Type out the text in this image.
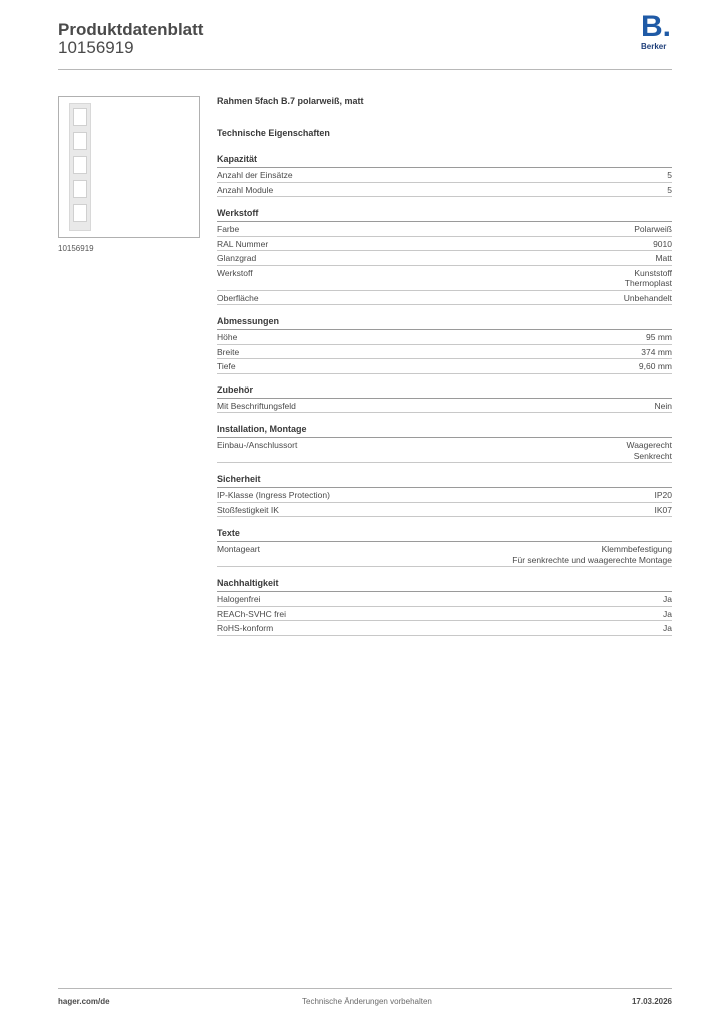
Produktdatenblatt
10156919
B.
Berker
10156919
Rahmen 5fach B.7 polarweiß, matt
Technische Eigenschaften
Kapazität
Anzahl der Einsätze	5
Anzahl Module	5
Werkstoff
Farbe	Polarweiß
RAL Nummer	9010
Glanzgrad	Matt
Werkstoff	Kunststoff
Thermoplast
Oberfläche	Unbehandelt
Abmessungen
Höhe	95 mm
Breite	374 mm
Tiefe	9,60 mm
Zubehör
Mit Beschriftungsfeld	Nein
Installation, Montage
Einbau-/Anschlussort	Waagerecht
Senkrecht
Sicherheit
IP-Klasse (Ingress Protection)	IP20
Stoßfestigkeit IK	IK07
Texte
Montageart	Klemmbefestigung
Für senkrechte und waagerechte Montage
Nachhaltigkeit
Halogenfrei	Ja
REACh-SVHC frei	Ja
RoHS-konform	Ja
hager.com/de	Technische Änderungen vorbehalten	17.03.2026
